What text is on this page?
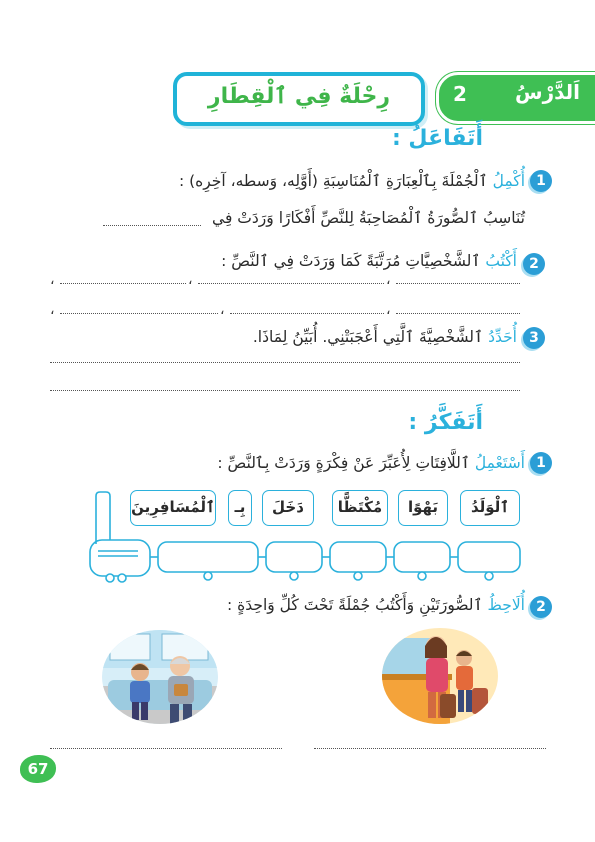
اَلدَّرْسُ
2
رِحْلَةٌ فِي ٱلْقِطَارِ
أَتَفَاعَلُ :
1
أُكْمِلُ ٱلْجُمْلَةَ بِٱلْعِبَارَةِ ٱلْمُنَاسِبَةِ (أَوَّلِه، وَسطه، آخِرِه) :
تُنَاسِبُ ٱلصُّورَةُ ٱلْمُصَاحِبَةُ لِلنَّصِّ أَفْكَارًا وَرَدَتْ فِي
2
أَكْتُبُ ٱلشَّخْصِيَّاتِ مُرَتَّبَةً كَمَا وَرَدَتْ فِي ٱلنَّصِّ :
،
،
،
،
،
،
3
أُحَدِّدُ ٱلشَّخْصِيَّةَ ٱلَّتِي أَعْجَبَتْنِي. أُبَيِّنُ لِمَاذَا.
أَتَفَكَّرُ :
1
أَسْتَعْمِلُ ٱللَّافِتَاتِ لِأُعَبِّرَ عَنْ فِكْرَةٍ وَرَدَتْ بِٱلنَّصِّ :
ٱلْوَلَدُ
بَهْوًا
مُكْتَظًّا
دَخَلَ
بِـ
ٱلْمُسَافِرِينَ
2
أُلَاحِظُ ٱلصُّورَتَيْنِ وَأَكْتُبُ جُمْلَةً تَحْتَ كُلِّ وَاحِدَةٍ :
67
